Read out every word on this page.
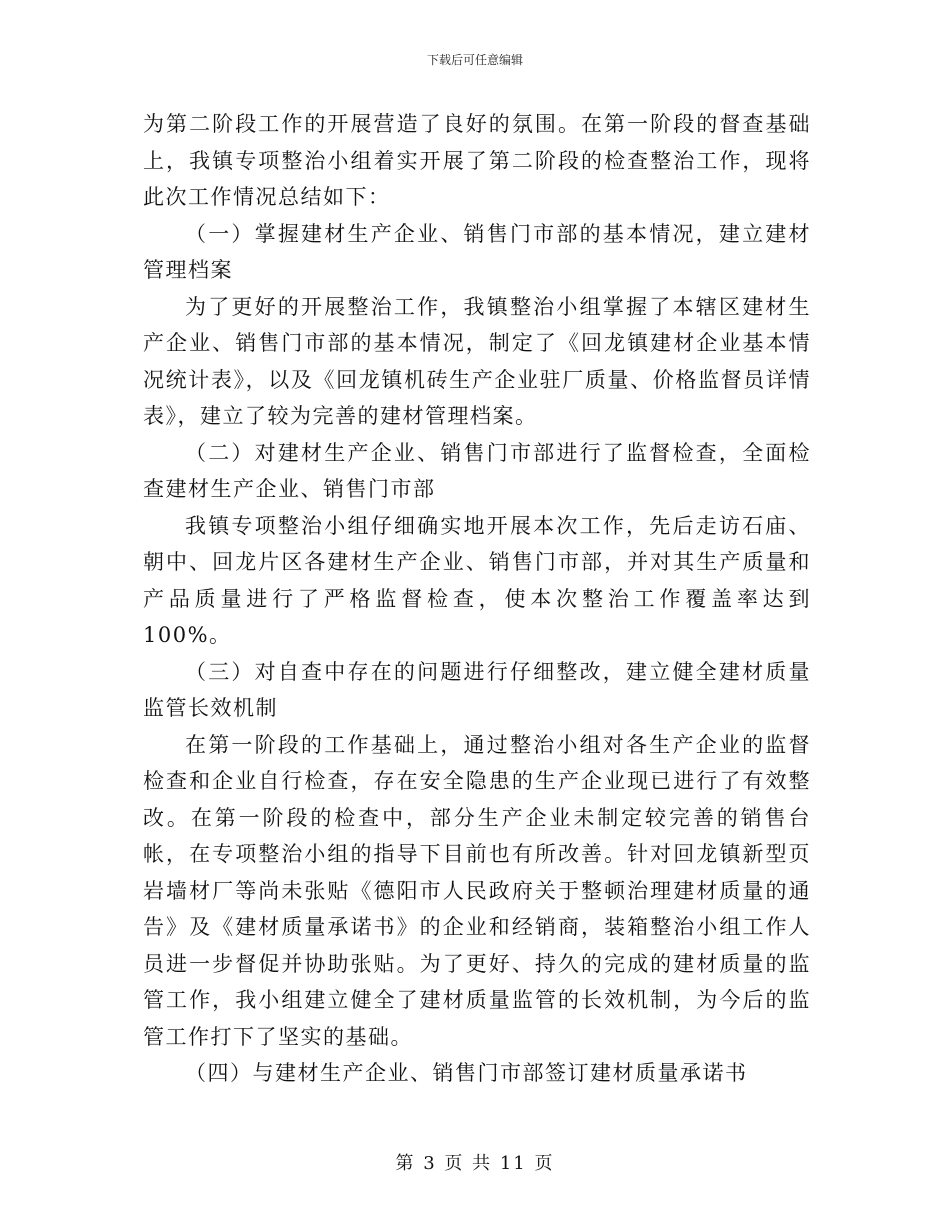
下载后可任意编辑

为第二阶段工作的开展营造了良好的氛围。在第一阶段的督查基础上，我镇专项整治小组着实开展了第二阶段的检查整治工作，现将此次工作情况总结如下：

（一）掌握建材生产企业、销售门市部的基本情况，建立建材管理档案

为了更好的开展整治工作，我镇整治小组掌握了本辖区建材生产企业、销售门市部的基本情况，制定了《回龙镇建材企业基本情况统计表》，以及《回龙镇机砖生产企业驻厂质量、价格监督员详情表》，建立了较为完善的建材管理档案。

（二）对建材生产企业、销售门市部进行了监督检查，全面检查建材生产企业、销售门市部

我镇专项整治小组仔细确实地开展本次工作，先后走访石庙、朝中、回龙片区各建材生产企业、销售门市部，并对其生产质量和产品质量进行了严格监督检查，使本次整治工作覆盖率达到100%。

（三）对自查中存在的问题进行仔细整改，建立健全建材质量监管长效机制

在第一阶段的工作基础上，通过整治小组对各生产企业的监督检查和企业自行检查，存在安全隐患的生产企业现已进行了有效整改。在第一阶段的检查中，部分生产企业未制定较完善的销售台帐，在专项整治小组的指导下目前也有所改善。针对回龙镇新型页岩墙材厂等尚未张贴《德阳市人民政府关于整顿治理建材质量的通告》及《建材质量承诺书》的企业和经销商，装箱整治小组工作人员进一步督促并协助张贴。为了更好、持久的完成的建材质量的监管工作，我小组建立健全了建材质量监管的长效机制，为今后的监管工作打下了坚实的基础。

（四）与建材生产企业、销售门市部签订建材质量承诺书

第 3 页 共 11 页
